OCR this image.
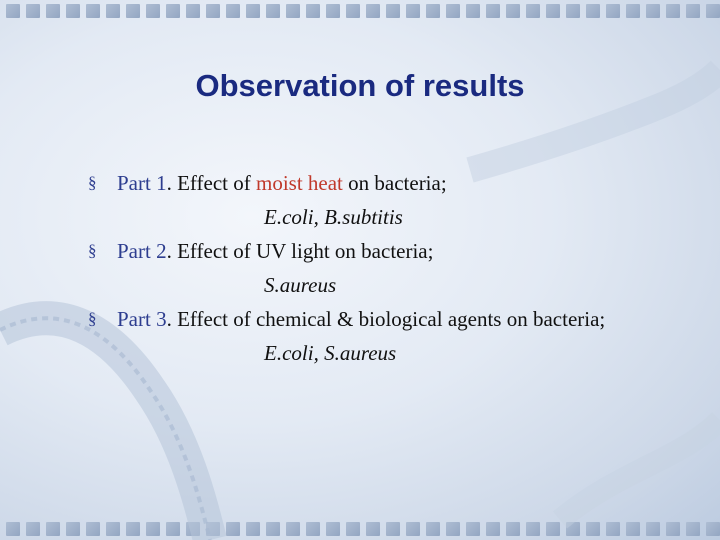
Observation of results
§ Part 1. Effect of moist heat on bacteria;
E.coli, B.subtitis
§ Part 2. Effect of UV light on bacteria;
S.aureus
§ Part 3. Effect of chemical & biological agents on bacteria;
E.coli, S.aureus
